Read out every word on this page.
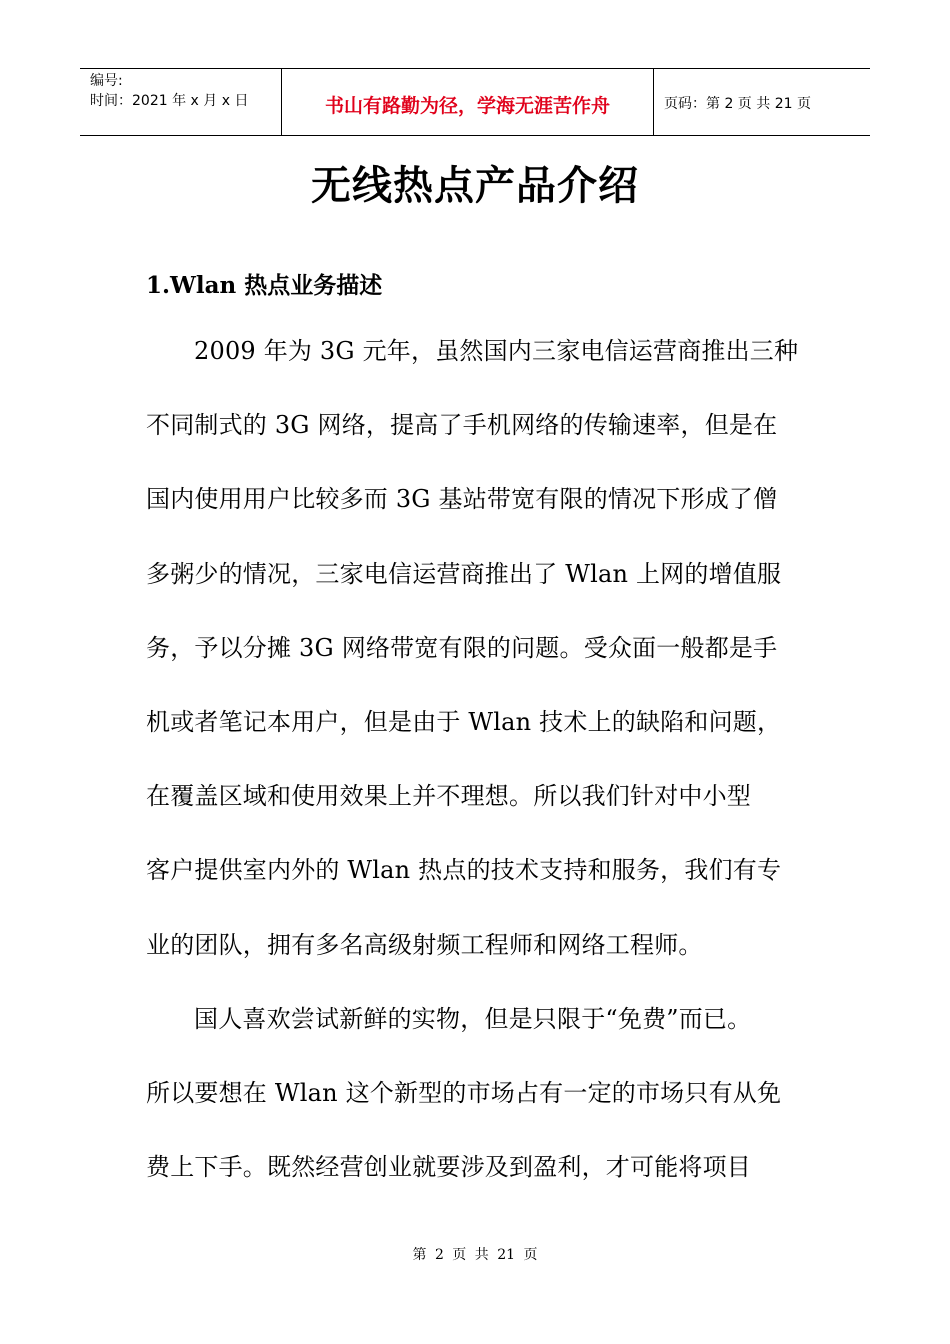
编号:
时间：2021 年 x 月 x 日	书山有路勤为径，学海无涯苦作舟	页码：第 2 页 共 21 页
无线热点产品介绍
1.Wlan 热点业务描述
2009 年为 3G 元年，虽然国内三家电信运营商推出三种
不同制式的 3G 网络，提高了手机网络的传输速率，但是在
国内使用用户比较多而 3G 基站带宽有限的情况下形成了僧
多粥少的情况，三家电信运营商推出了 Wlan 上网的增值服
务，予以分摊 3G 网络带宽有限的问题。受众面一般都是手
机或者笔记本用户，但是由于 Wlan 技术上的缺陷和问题，
在覆盖区域和使用效果上并不理想。所以我们针对中小型
客户提供室内外的 Wlan 热点的技术支持和服务，我们有专
业的团队，拥有多名高级射频工程师和网络工程师。
国人喜欢尝试新鲜的实物，但是只限于“免费”而已。
所以要想在 Wlan 这个新型的市场占有一定的市场只有从免
费上下手。既然经营创业就要涉及到盈利，才可能将项目
第 2 页 共 21 页
